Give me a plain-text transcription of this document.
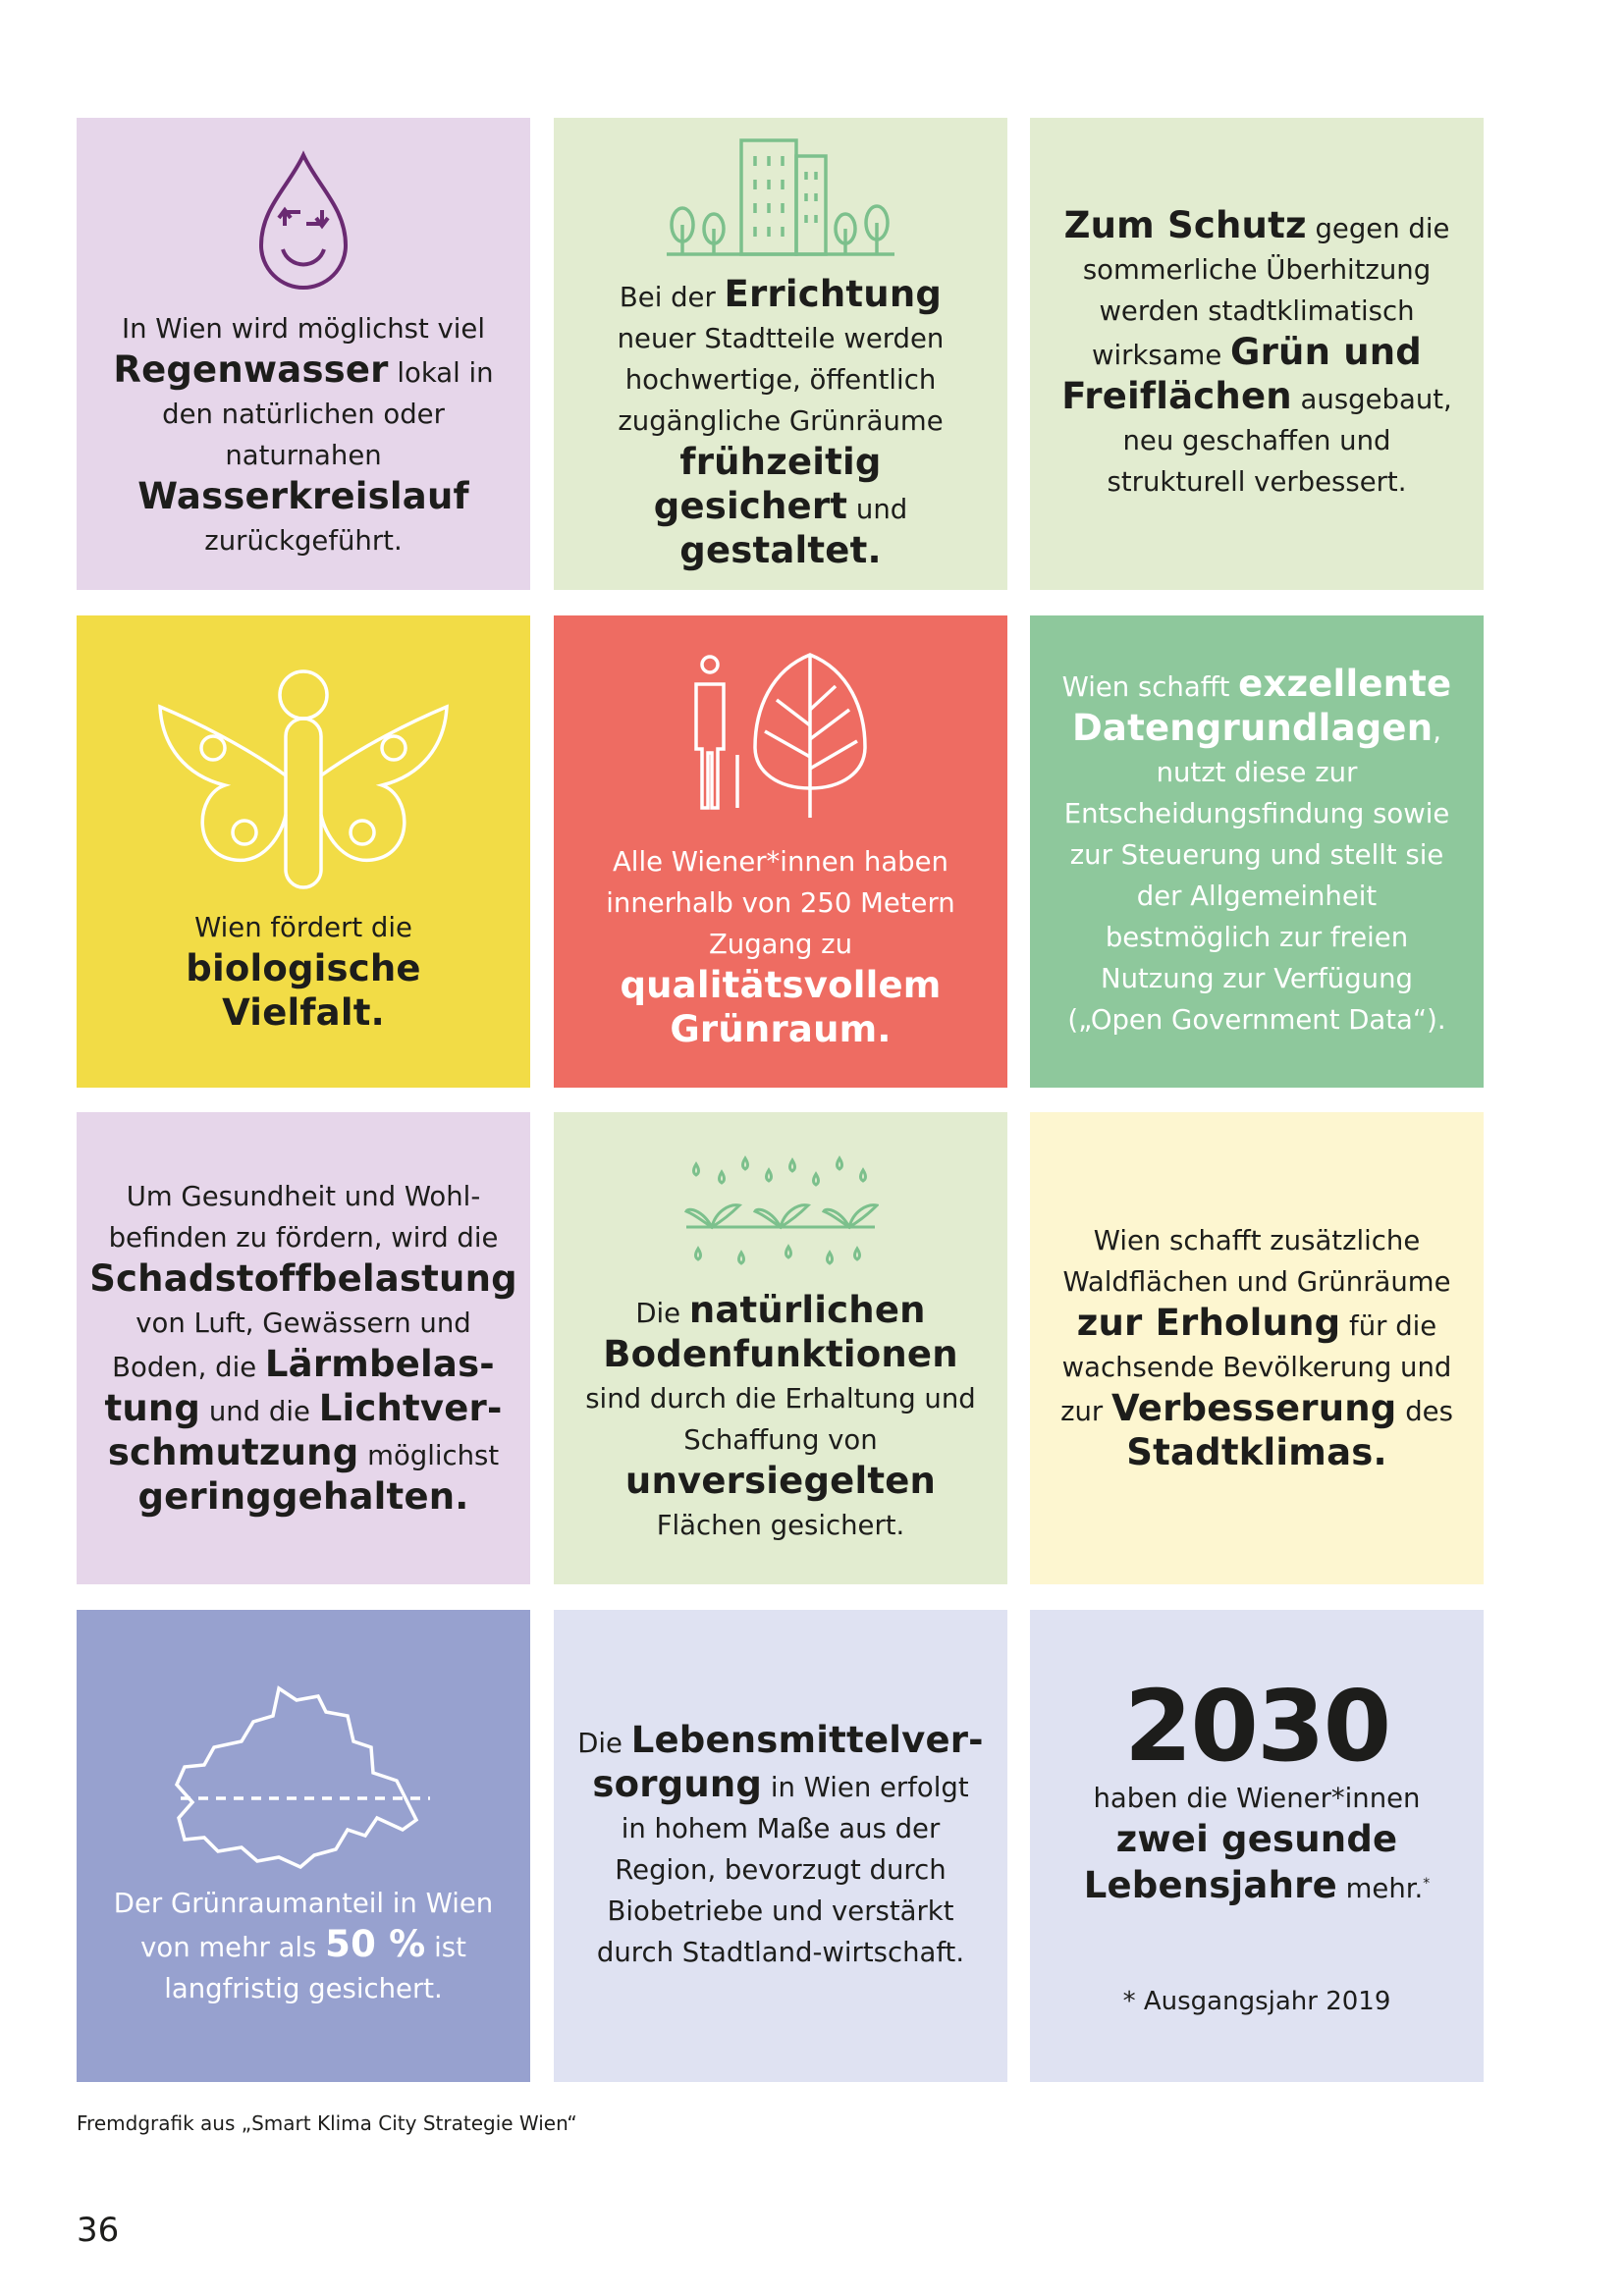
In Wien wird möglichst viel Regenwasser lokal in den natürlichen oder naturnahen Wasserkreislauf zurückgeführt.
Bei der Errichtung neuer Stadtteile werden hochwertige, öffentlich zugängliche Grünräume frühzeitig gesichert und gestaltet.
Zum Schutz gegen die sommerliche Überhitzung werden stadtklimatisch wirksame Grün und Freiflächen ausgebaut, neu geschaffen und strukturell verbessert.
Wien fördert die biologische Vielfalt.
Alle Wiener*innen haben innerhalb von 250 Metern Zugang zu qualitätsvollem Grünraum.
Wien schafft exzellente Datengrundlagen, nutzt diese zur Entscheidungsfindung sowie zur Steuerung und stellt sie der Allgemeinheit bestmöglich zur freien Nutzung zur Verfügung („Open Government Data“).
Um Gesundheit und Wohl-befinden zu fördern, wird die Schadstoffbelastung von Luft, Gewässern und Boden, die Lärmbelas-tung und die Lichtver-schmutzung möglichst geringgehalten.
Die natürlichen Bodenfunktionen sind durch die Erhaltung und Schaffung von unversiegelten Flächen gesichert.
Wien schafft zusätzliche Waldflächen und Grünräume zur Erholung für die wachsende Bevölkerung und zur Verbesserung des Stadtklimas.
Der Grünraumanteil in Wien von mehr als 50 % ist langfristig gesichert.
Die Lebensmittelver-sorgung in Wien erfolgt in hohem Maße aus der Region, bevorzugt durch Biobetriebe und verstärkt durch Stadtland-wirtschaft.
2030
haben die Wiener*innen zwei gesunde Lebensjahre mehr.*
* Ausgangsjahr 2019
Fremdgrafik aus „Smart Klima City Strategie Wien“
36
